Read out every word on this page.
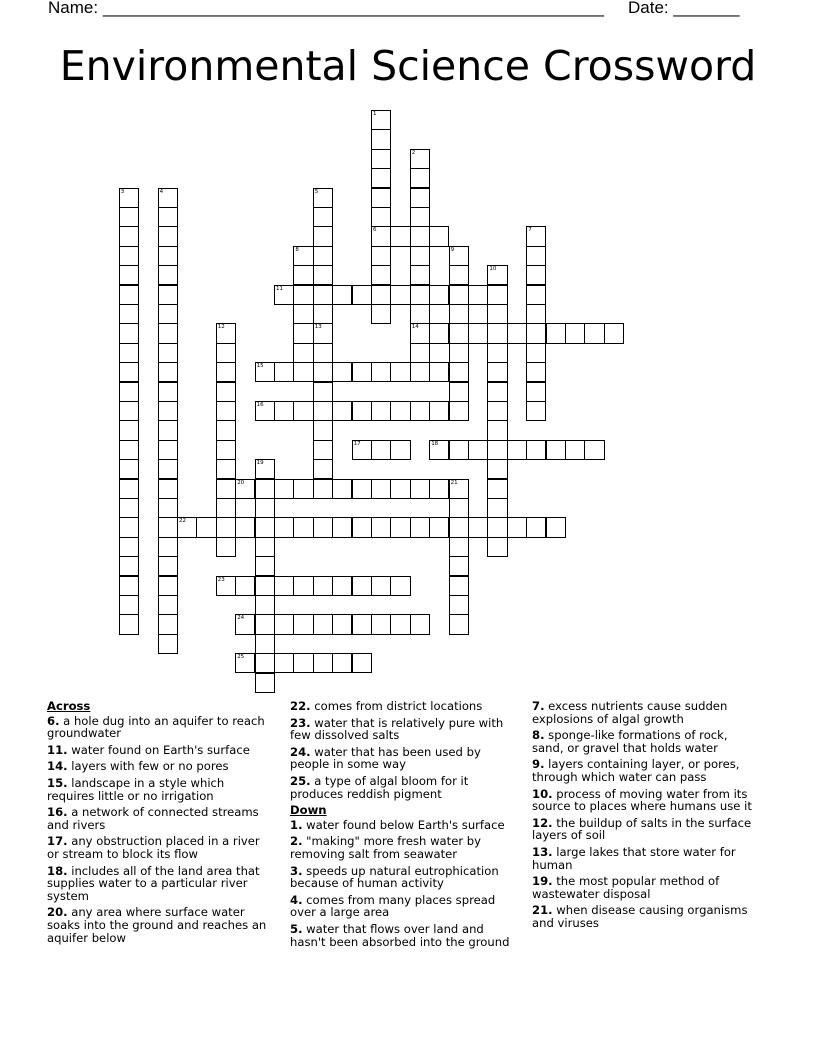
Name: _____________________________________________________ Date: _______
Environmental Science Crossword
1
6
2
14
3	4	5
7
8	9
10
11
12	13
15
16
17	18
19
20	21
22
23
24
25
Across
6. a hole dug into an aquifer to reach groundwater
11. water found on Earth's surface
14. layers with few or no pores
15. landscape in a style which requires little or no irrigation
16. a network of connected streams and rivers
17. any obstruction placed in a river or stream to block its flow
18. includes all of the land area that supplies water to a particular river system
20. any area where surface water soaks into the ground and reaches an aquifer below
22. comes from district locations
23. water that is relatively pure with few dissolved salts
24. water that has been used by people in some way
25. a type of algal bloom for it produces reddish pigment
Down
1. water found below Earth's surface
2. "making" more fresh water by removing salt from seawater
3. speeds up natural eutrophication because of human activity
4. comes from many places spread over a large area
5. water that flows over land and hasn't been absorbed into the ground
7. excess nutrients cause sudden explosions of algal growth
8. sponge-like formations of rock, sand, or gravel that holds water
9. layers containing layer, or pores, through which water can pass
10. process of moving water from its source to places where humans use it
12. the buildup of salts in the surface layers of soil
13. large lakes that store water for human
19. the most popular method of wastewater disposal
21. when disease causing organisms and viruses
